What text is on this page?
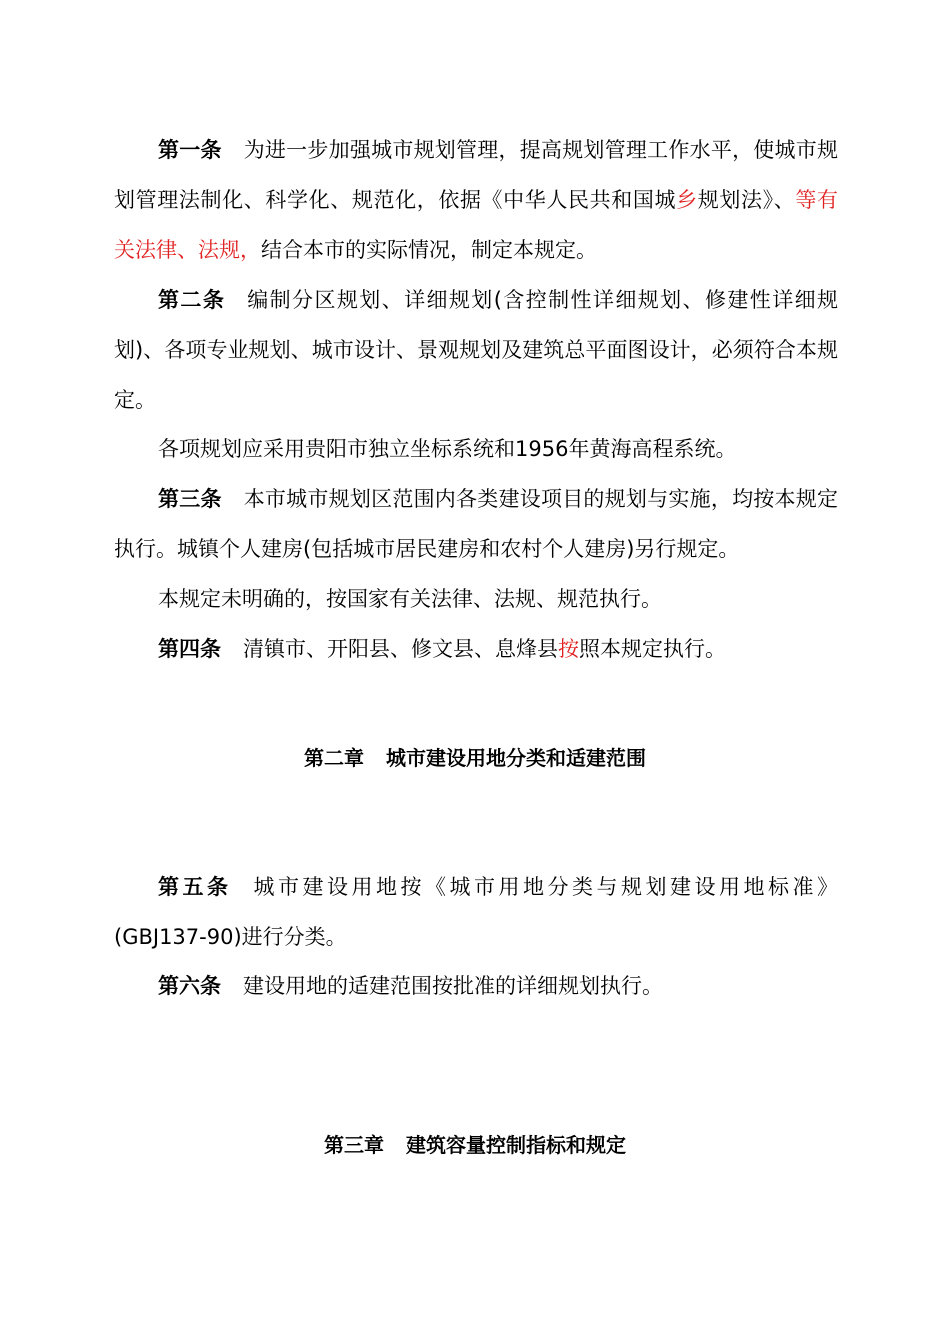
第一条 为进一步加强城市规划管理，提高规划管理工作水平，使城市规划管理法制化、科学化、规范化，依据《中华人民共和国城乡规划法》、等有关法律、法规，结合本市的实际情况，制定本规定。

第二条 编制分区规划、详细规划(含控制性详细规划、修建性详细规划)、各项专业规划、城市设计、景观规划及建筑总平面图设计，必须符合本规定。

各项规划应采用贵阳市独立坐标系统和1956年黄海高程系统。

第三条 本市城市规划区范围内各类建设项目的规划与实施，均按本规定执行。城镇个人建房(包括城市居民建房和农村个人建房)另行规定。

本规定未明确的，按国家有关法律、法规、规范执行。

第四条 清镇市、开阳县、修文县、息烽县按照本规定执行。

第二章 城市建设用地分类和适建范围

第五条 城市建设用地按《城市用地分类与规划建设用地标准》(GBJ137-90)进行分类。

第六条 建设用地的适建范围按批准的详细规划执行。

第三章 建筑容量控制指标和规定
